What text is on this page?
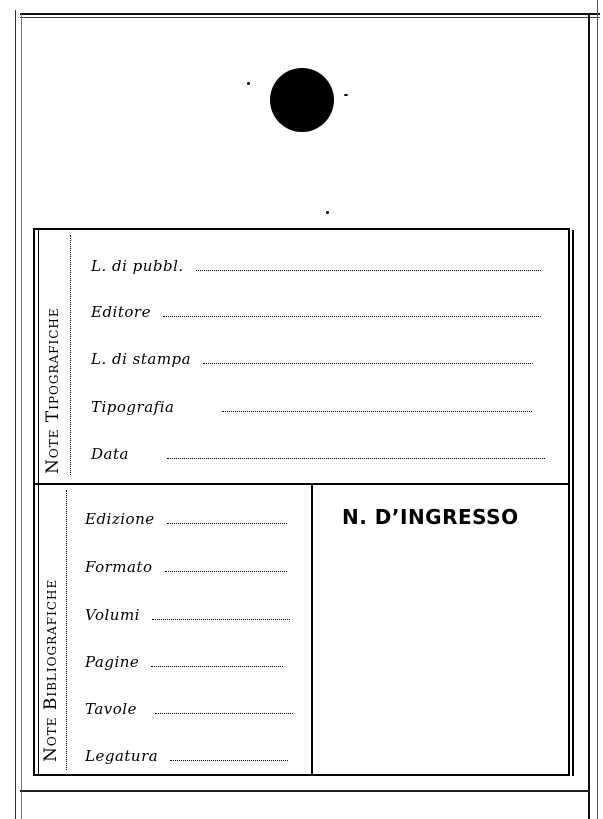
Note Tipografiche
Note Bibliografiche
L. di pubbl.
Editore
L. di stampa
Tipografia
Data
Edizione
Formato
Volumi
Pagine
Tavole
Legatura
N. D’INGRESSO
